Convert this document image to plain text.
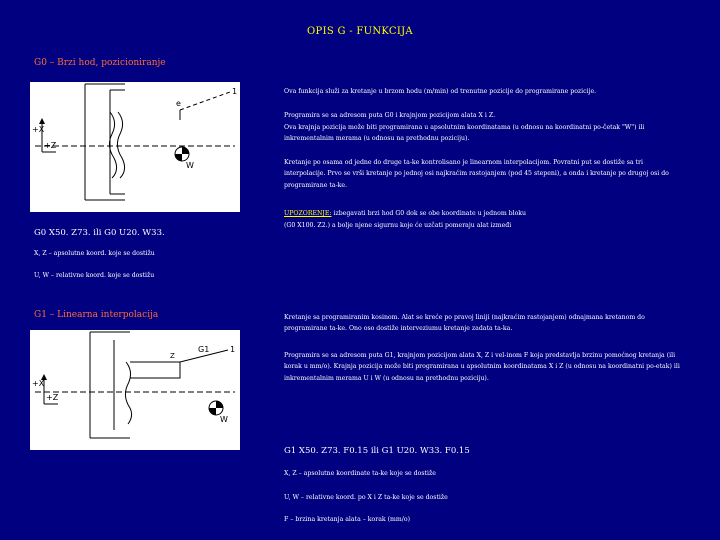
OPIS G - FUNKCIJA
G0 – Brzi hod, pozicioniranje
+X
+Z
e
1
W
Ova funkcija služi za kretanje u brzom hodu (m/min) od trenutne pozicije do programirane pozicije.
Programira se sa adresom puta G0 i krajnjom pozicijom alata X i Z.
Ova krajnja pozicija može biti programirana u apsolutnim koordinatama (u odnosu na koordinatni po-četak "W") ili inkrementalnim merama (u odnosu na prethodnu poziciju).
Kretanje po osama od jedne do druge ta-ke kontrolisano je linearnom interpolacijom. Povratni put se dostiže sa tri interpolacije. Prvo se vrši kretanje po jednoj osi najkraćim rastojanjem (pod 45 stepeni), a onda i kretanje po drugoj osi do programirane ta-ke.
UPOZORENJE: izbegavati brzi hod G0 dok se obe koordinate u jednom bloku
(G0 X100. Z2.) a bolje njene sigurnu koje će uzčati pomeraju alat izmeđi
G0 X50. Z73. ili G0 U20. W33.
X, Z – apsolutne koord. koje se dostižu
U, W – relativne koord. koje se dostižu
G1 – Linearna interpolacija
+X
+Z
G1
Z
1
W
Kretanje sa programiranim kosinom. Alat se kreće po pravoj liniji (najkraćim rastojanjem) odnajmana kretanom do programirane ta-ke. Ono oso dostiže interveziumu kretanje zadata ta-ka.
Programira se sa adresom puta G1, krajnjom pozicijom alata X, Z i vel-inom F koja predstavlja brzinu pomoćnog kretanja (ili korak u mm/o). Krajnja pozicija može biti programirana u apsolutnim koordinatama X i Z (u odnosu na koordinatni po-etak) ili inkrementalnim merama U i W (u odnosu na prethodnu poziciju).
G1 X50. Z73. F0.15 ili G1 U20. W33. F0.15
X, Z – apsolutne koordinate ta-ke koje se dostiže
U, W – relativne koord. po X i Z ta-ke koje se dostiže
F – brzina kretanja alata – korak (mm/o)
